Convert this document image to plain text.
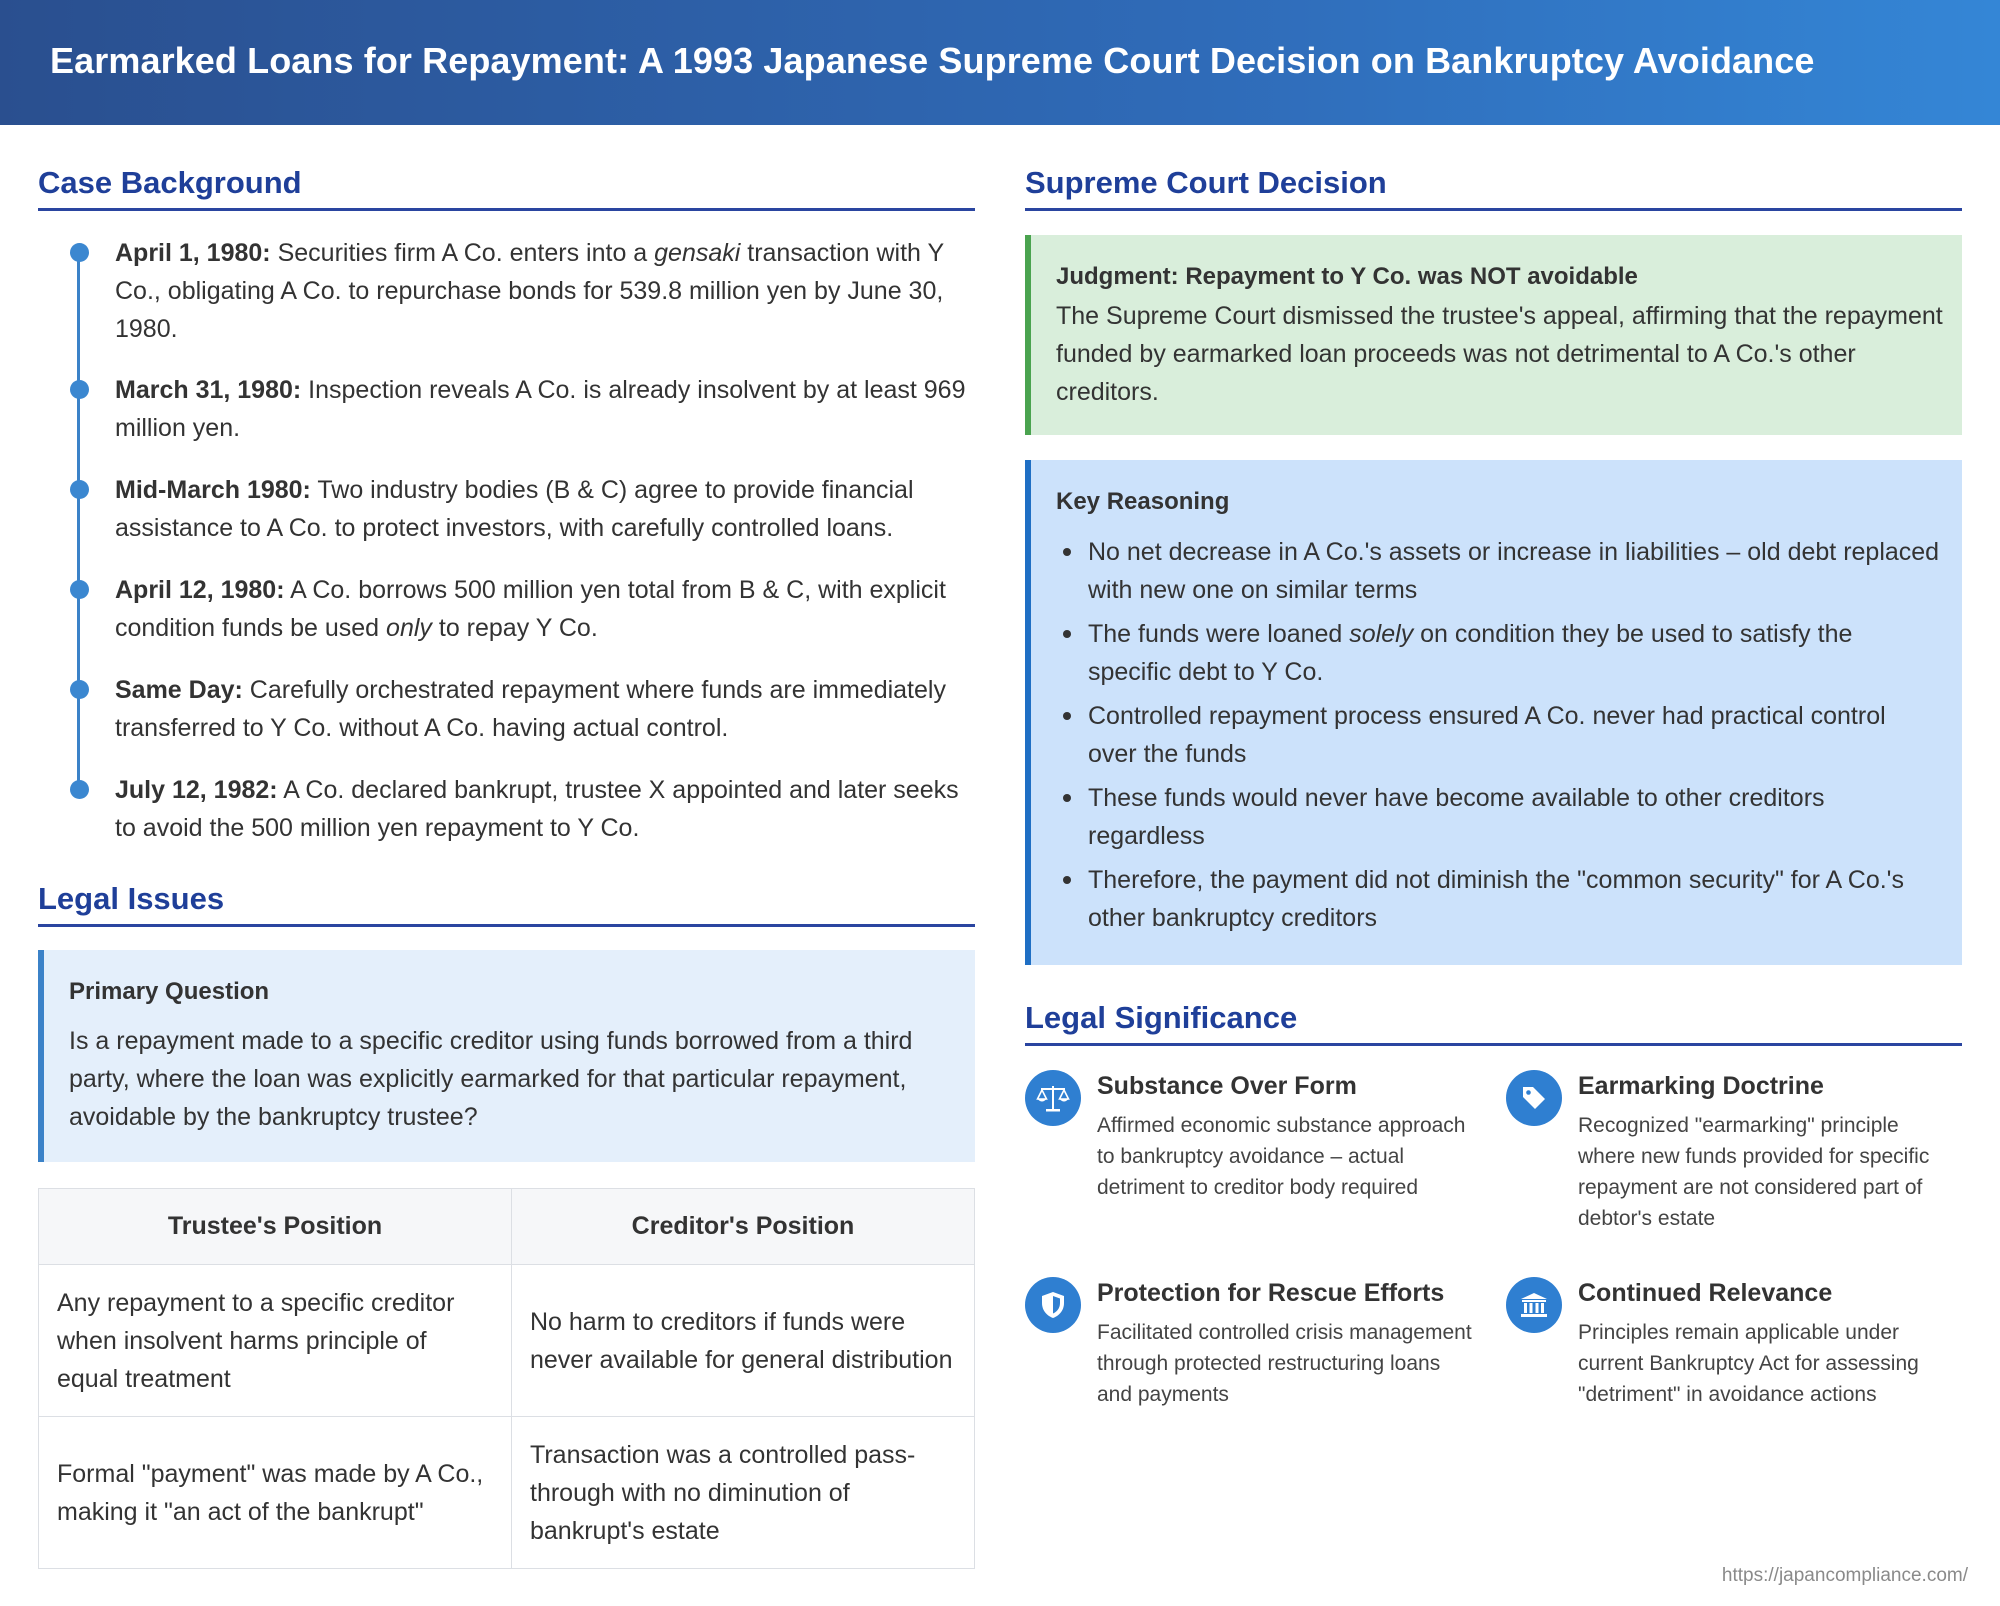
Earmarked Loans for Repayment: A 1993 Japanese Supreme Court Decision on Bankruptcy Avoidance
Case Background
April 1, 1980: Securities firm A Co. enters into a gensaki transaction with Y Co., obligating A Co. to repurchase bonds for 539.8 million yen by June 30, 1980.
March 31, 1980: Inspection reveals A Co. is already insolvent by at least 969 million yen.
Mid-March 1980: Two industry bodies (B & C) agree to provide financial assistance to A Co. to protect investors, with carefully controlled loans.
April 12, 1980: A Co. borrows 500 million yen total from B & C, with explicit condition funds be used only to repay Y Co.
Same Day: Carefully orchestrated repayment where funds are immediately transferred to Y Co. without A Co. having actual control.
July 12, 1982: A Co. declared bankrupt, trustee X appointed and later seeks to avoid the 500 million yen repayment to Y Co.
Legal Issues
Primary Question
Is a repayment made to a specific creditor using funds borrowed from a third party, where the loan was explicitly earmarked for that particular repayment, avoidable by the bankruptcy trustee?
Trustee's Position	Creditor's Position
Any repayment to a specific creditor when insolvent harms principle of equal treatment	No harm to creditors if funds were never available for general distribution
Formal "payment" was made by A Co., making it "an act of the bankrupt"	Transaction was a controlled pass-through with no diminution of bankrupt's estate
Supreme Court Decision
Judgment: Repayment to Y Co. was NOT avoidable
The Supreme Court dismissed the trustee's appeal, affirming that the repayment funded by earmarked loan proceeds was not detrimental to A Co.'s other creditors.
Key Reasoning
No net decrease in A Co.'s assets or increase in liabilities – old debt replaced with new one on similar terms
The funds were loaned solely on condition they be used to satisfy the specific debt to Y Co.
Controlled repayment process ensured A Co. never had practical control over the funds
These funds would never have become available to other creditors regardless
Therefore, the payment did not diminish the "common security" for A Co.'s other bankruptcy creditors
Legal Significance
Substance Over Form
Affirmed economic substance approach to bankruptcy avoidance – actual detriment to creditor body required
Earmarking Doctrine
Recognized "earmarking" principle where new funds provided for specific repayment are not considered part of debtor's estate
Protection for Rescue Efforts
Facilitated controlled crisis management through protected restructuring loans and payments
Continued Relevance
Principles remain applicable under current Bankruptcy Act for assessing "detriment" in avoidance actions
https://japancompliance.com/
